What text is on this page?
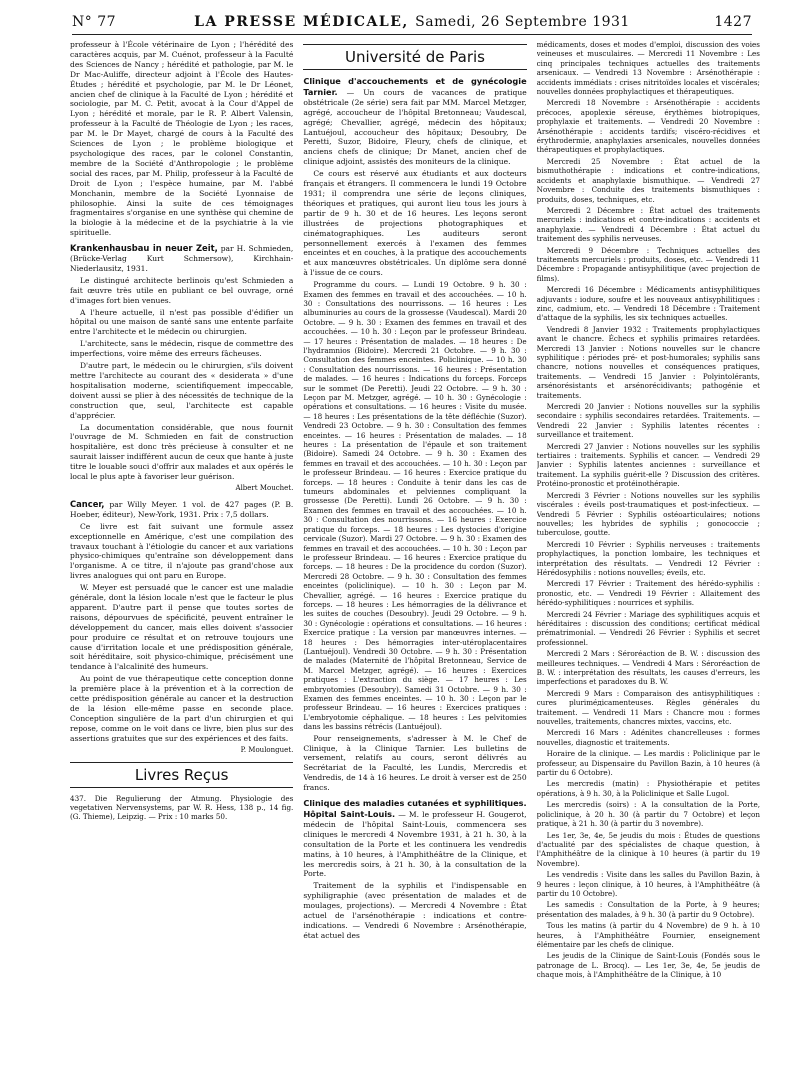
N° 77	LA PRESSE MÉDICALE, Samedi, 26 Septembre 1931	1427

professeur à l'École vétérinaire de Lyon ; l'hérédité des caractères acquis, par M. Cuénot, professeur à la Faculté des Sciences de Nancy ; hérédité et pathologie, par M. le Dr Mac-Auliffe, directeur adjoint à l'École des Hautes-Études ; hérédité et psychologie, par M. le Dr Léonet, ancien chef de clinique à la Faculté de Lyon ; hérédité et sociologie, par M. C. Petit, avocat à la Cour d'Appel de Lyon ; hérédité et morale, par le R. P. Albert Valensin, professeur à la Faculté de Théologie de Lyon ; les races, par M. le Dr Mayet, chargé de cours à la Faculté des Sciences de Lyon ; le problème biologique et psychologique des races, par le colonel Constantin, membre de la Société d'Anthropologie ; le problème social des races, par M. Philip, professeur à la Faculté de Droit de Lyon ; l'espèce humaine, par M. l'abbé Monchanin, membre de la Société Lyonnaise de philosophie. Ainsi la suite de ces témoignages fragmentaires s'organise en une synthèse qui chemine de la biologie à la médecine et de la psychiatrie à la vie spirituelle.

Krankenhausbau in neuer Zeit, par H. Schmieden, (Brücke-Verlag Kurt Schmersow), Kirchhain-Niederlausitz, 1931.

Le distingué architecte berlinois qu'est Schmieden a fait œuvre très utile en publiant ce bel ouvrage, orné d'images fort bien venues.

A l'heure actuelle, il n'est pas possible d'édifier un hôpital ou une maison de santé sans une entente parfaite entre l'architecte et le médecin ou chirurgien.

L'architecte, sans le médecin, risque de commettre des imperfections, voire même des erreurs fâcheuses.

D'autre part, le médecin ou le chirurgien, s'ils doivent mettre l'architecte au courant des « desiderata » d'une hospitalisation moderne, scientifiquement impeccable, doivent aussi se plier à des nécessités de technique de la construction que, seul, l'architecte est capable d'apprécier.

La documentation considérable, que nous fournit l'ouvrage de M. Schmieden en fait de construction hospitalière, est donc très précieuse à consulter et ne saurait laisser indifférent aucun de ceux que hante à juste titre le louable souci d'offrir aux malades et aux opérés le local le plus apte à favoriser leur guérison.

Albert Mouchet.

Cancer, par Willy Meyer. 1 vol. de 427 pages (P. B. Hoeber, éditeur), New-York, 1931. Prix : 7,5 dollars.

Ce livre est fait suivant une formule assez exceptionnelle en Amérique, c'est une compilation des travaux touchant à l'étiologie du cancer et aux variations physico-chimiques qu'entraîne son développement dans l'organisme. A ce titre, il n'ajoute pas grand'chose aux livres analogues qui ont paru en Europe.

W. Meyer est persuadé que le cancer est une maladie générale, dont la lésion locale n'est que le facteur le plus apparent. D'autre part il pense que toutes sortes de raisons, dépourvues de spécificité, peuvent entraîner le développement du cancer, mais elles doivent s'associer pour produire ce résultat et on retrouve toujours une cause d'irritation locale et une prédisposition générale, soit héréditaire, soit physico-chimique, précisément une tendance à l'alcalinité des humeurs.

Au point de vue thérapeutique cette conception donne la première place à la prévention et à la correction de cette prédisposition générale au cancer et la destruction de la lésion elle-même passe en seconde place. Conception singulière de la part d'un chirurgien et qui repose, comme on le voit dans ce livre, bien plus sur des assertions gratuites que sur des expériences et des faits.

P. Moulonguet.
Livres Reçus

437. Die Regulierung der Atmung. Physiologie des vegetativen Nervensystems, par W. R. Hess, 138 p., 14 fig. (G. Thieme), Leipzig. — Prix : 10 marks 50.

Université de Paris

Clinique d'accouchements et de gynécologie Tarnier. — Un cours de vacances de pratique obstétricale (2e série) sera fait par MM. Marcel Metzger, agrégé, accoucheur de l'hôpital Bretonneau; Vaudescal, agrégé; Chevallier, agrégé, médecin des hôpitaux; Lantuéjoul, accoucheur des hôpitaux; Desoubry, De Peretti, Suzor, Bidoire, Fleury, chefs de clinique, et anciens chefs de clinique; Dr Manet, ancien chef de clinique adjoint, assistés des moniteurs de la clinique.

Ce cours est réservé aux étudiants et aux docteurs français et étrangers. Il commencera le lundi 19 Octobre 1931; il comprendra une série de leçons cliniques, théoriques et pratiques, qui auront lieu tous les jours à partir de 9 h. 30 et de 16 heures. Les leçons seront illustrées de projections photographiques et cinématographiques. Les auditeurs seront personnellement exercés à l'examen des femmes enceintes et en couches, à la pratique des accouchements et aux manœuvres obstétricales. Un diplôme sera donné à l'issue de ce cours.

Programme du cours. — Lundi 19 Octobre. 9 h. 30 : Examen des femmes en travail et des accouchées. — 10 h. 30 : Consultations des nourrissons. — 16 heures : Les albuminuries au cours de la grossesse (Vaudescal). Mardi 20 Octobre. — 9 h. 30 : Examen des femmes en travail et des accouchées. — 10 h. 30 : Leçon par le professeur Brindeau. — 17 heures : Présentation de malades. — 18 heures : De l'hydramnios (Bidoire). Mercredi 21 Octobre. — 9 h. 30 : Consultation des femmes enceintes. Policlinique. — 10 h. 30 : Consultation des nourrissons. — 16 heures : Présentation de malades. — 16 heures : Indications du forceps. Forceps sur le sommet (De Peretti). Jeudi 22 Octobre. — 9 h. 30 : Leçon par M. Metzger, agrégé. — 10 h. 30 : Gynécologie : opérations et consultations. — 16 heures : Visite du musée. — 18 heures : Les présentations de la tête défléchie (Suzor). Vendredi 23 Octobre. — 9 h. 30 : Consultation des femmes enceintes. — 16 heures : Présentation de malades. — 18 heures : La présentation de l'épaule et son traitement (Bidoire). Samedi 24 Octobre. — 9 h. 30 : Examen des femmes en travail et des accouchées. — 10 h. 30 : Leçon par le professeur Brindeau. — 16 heures : Exercice pratique du forceps. — 18 heures : Conduite à tenir dans les cas de tumeurs abdominales et pelviennes compliquant la grossesse (De Peretti). Lundi 26 Octobre. — 9 h. 30 : Examen des femmes en travail et des accouchées. — 10 h. 30 : Consultation des nourrissons. — 16 heures : Exercice pratique du forceps. — 18 heures : Les dystocies d'origine cervicale (Suzor). Mardi 27 Octobre. — 9 h. 30 : Examen des femmes en travail et des accouchées. — 10 h. 30 : Leçon par le professeur Brindeau. — 16 heures : Exercice pratique du forceps. — 18 heures : De la procidence du cordon (Suzor). Mercredi 28 Octobre. — 9 h. 30 : Consultation des femmes enceintes (policlinique). — 10 h. 30 : Leçon par M. Chevallier, agrégé. — 16 heures : Exercice pratique du forceps. — 18 heures : Les hémorragies de la délivrance et les suites de couches (Desoubry). Jeudi 29 Octobre. — 9 h. 30 : Gynécologie : opérations et consultations. — 16 heures : Exercice pratique : La version par manœuvres internes. — 18 heures : Des hémorragies inter-utéroplacentaires (Lantuéjoul). Vendredi 30 Octobre. — 9 h. 30 : Présentation de malades (Maternité de l'hôpital Bretonneau, Service de M. Marcel Metzger, agrégé). — 16 heures : Exercices pratiques : L'extraction du siège. — 17 heures : Les embryotomies (Desoubry). Samedi 31 Octobre. — 9 h. 30 : Examen des femmes enceintes. — 10 h. 30 : Leçon par le professeur Brindeau. — 16 heures : Exercices pratiques : L'embryotomie céphalique. — 18 heures : Les pelvitomies dans les bassins rétrécis (Lantuéjoul).

Pour renseignements, s'adresser à M. le Chef de Clinique, à la Clinique Tarnier. Les bulletins de versement, relatifs au cours, seront délivrés au Secrétariat de la Faculté, les Lundis, Mercredis et Vendredis, de 14 à 16 heures. Le droit à verser est de 250 francs.

Clinique des maladies cutanées et syphilitiques. Hôpital Saint-Louis. — M. le professeur H. Gougerot, médecin de l'hôpital Saint-Louis, commencera ses cliniques le mercredi 4 Novembre 1931, à 21 h. 30, à la consultation de la Porte et les continuera les vendredis matins, à 10 heures, à l'Amphithéâtre de la Clinique, et les mercredis soirs, à 21 h. 30, à la consultation de la Porte.

Traitement de la syphilis et l'indispensable en syphiligraphie (avec présentation de malades et de moulages, projections). — Mercredi 4 Novembre : État actuel de l'arsénothérapie : indications et contre-indications. — Vendredi 6 Novembre : Arsénothérapie, état actuel des

médicaments, doses et modes d'emploi, discussion des voies veineuses et musculaires. — Mercredi 11 Novembre : Les cinq principales techniques actuelles des traitements arsenicaux. — Vendredi 13 Novembre : Arsénothérapie : accidents immédiats : crises nitritoïdes locales et viscérales; nouvelles données prophylactiques et thérapeutiques.

Mercredi 18 Novembre : Arsénothérapie : accidents précoces, apoplexie séreuse, érythèmes biotropiques, prophylaxie et traitements. — Vendredi 20 Novembre : Arsénothérapie : accidents tardifs; viscéro-récidives et érythrodermie, anaphylaxies arsenicales, nouvelles données thérapeutiques et prophylactiques.

Mercredi 25 Novembre : État actuel de la bismuthothérapie : indications et contre-indications, accidents et anaphylaxie bismuthique. — Vendredi 27 Novembre : Conduite des traitements bismuthiques : produits, doses, techniques, etc.

Mercredi 2 Décembre : État actuel des traitements mercuriels : indications et contre-indications : accidents et anaphylaxie. — Vendredi 4 Décembre : État actuel du traitement des syphilis nerveuses.

Mercredi 9 Décembre : Techniques actuelles des traitements mercuriels : produits, doses, etc. — Vendredi 11 Décembre : Propagande antisyphilitique (avec projection de films).

Mercredi 16 Décembre : Médicaments antisyphilitiques adjuvants : iodure, soufre et les nouveaux antisyphilitiques : zinc, cadmium, etc. — Vendredi 18 Décembre : Traitement d'attaque de la syphilis, les six techniques actuelles.

Vendredi 8 Janvier 1932 : Traitements prophylactiques avant le chancre. Échecs et syphilis primaires retardées. Mercredi 13 Janvier : Notions nouvelles sur le chancre syphilitique : périodes pré- et post-humorales; syphilis sans chancre, notions nouvelles et conséquences pratiques, traitements. — Vendredi 15 Janvier : Polyintolérants, arsénorésistants et arsénorécidivants; pathogénie et traitements.

Mercredi 20 Janvier : Notions nouvelles sur la syphilis secondaire : syphilis secondaires retardées. Traitements. — Vendredi 22 Janvier : Syphilis latentes récentes : surveillance et traitement.

Mercredi 27 Janvier : Notions nouvelles sur les syphilis tertiaires : traitements. Syphilis et cancer. — Vendredi 29 Janvier : Syphilis latentes anciennes : surveillance et traitement. La syphilis guérit-elle ? Discussion des critères. Protéino-pronostic et protéinothérapie.

Mercredi 3 Février : Notions nouvelles sur les syphilis viscérales : éveils post-traumatiques et post-infectieux. — Vendredi 5 Février : Syphilis ostéoarticulaires; notions nouvelles; les hybrides de syphilis ; gonococcie ; tuberculose, goutte.

Mercredi 10 Février : Syphilis nerveuses : traitements prophylactiques, la ponction lombaire, les techniques et interprétation des résultats. — Vendredi 12 Février : Hérédosyphilis : notions nouvelles; éveils, etc.

Mercredi 17 Février : Traitement des hérédo-syphilis : pronostic, etc. — Vendredi 19 Février : Allaitement des hérédo-syphilitiques : nourrices et syphilis.

Mercredi 24 Février : Mariage des syphilitiques acquis et héréditaires : discussion des conditions; certificat médical prématrimonial. — Vendredi 26 Février : Syphilis et secret professionnel.

Mercredi 2 Mars : Séroréaction de B. W. : discussion des meilleures techniques. — Vendredi 4 Mars : Séroréaction de B. W. : interprétation des résultats, les causes d'erreurs, les imperfections et paradoxes du B. W.

Mercredi 9 Mars : Comparaison des antisyphilitiques : cures pluriméдicamenteuses. Règles générales du traitement. — Vendredi 11 Mars : Chancre mou : formes nouvelles, traitements, chancres mixtes, vaccins, etc.

Mercredi 16 Mars : Adénites chancrelleuses : formes nouvelles, diagnostic et traitements.

Horaire de la clinique. — Les mardis : Policlinique par le professeur, au Dispensaire du Pavillon Bazin, à 10 heures (à partir du 6 Octobre).

Les mercredis (matin) : Physiothérapie et petites opérations, à 9 h. 30, à la Policlinique et Salle Lugol.

Les mercredis (soirs) : A la consultation de la Porte, policlinique, à 20 h. 30 (à partir du 7 Octobre) et leçon pratique, à 21 h. 30 (à partir du 3 novembre).

Les 1er, 3e, 4e, 5e jeudis du mois : Études de questions d'actualité par des spécialistes de chaque question, à l'Amphithéâtre de la clinique à 10 heures (à partir du 19 Novembre).

Les vendredis : Visite dans les salles du Pavillon Bazin, à 9 heures : leçon clinique, à 10 heures, à l'Amphithéâtre (à partir du 10 Octobre).

Les samedis : Consultation de la Porte, à 9 heures; présentation des malades, à 9 h. 30 (à partir du 9 Octobre).

Tous les matins (à partir du 4 Novembre) de 9 h. à 10 heures, à l'Amphithéâtre Fournier, enseignement élémentaire par les chefs de clinique.

Les jeudis de la Clinique de Saint-Louis (Fondés sous le patronage de L. Brocq). — Les 1er, 3e, 4e, 5e jeudis de chaque mois, à l'Amphithéâtre de la Clinique, à 10
